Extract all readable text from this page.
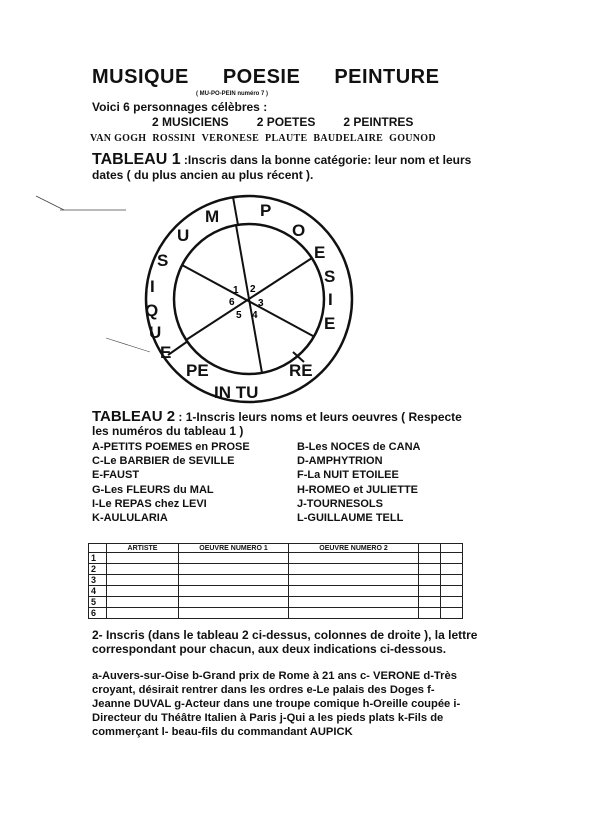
MUSIQUE POESIE PEINTURE
( MU-PO-PEIN numéro 7 )
Voici 6 personnages célèbres :
2 MUSICIENS 2 POETES 2 PEINTRES
VAN GOGH ROSSINI VERONESE PLAUTE BAUDELAIRE GOUNOD
TABLEAU 1 :Inscris dans la bonne catégorie: leur nom et leurs
dates ( du plus ancien au plus récent ).
1 2
3
4
5
6
M
U
S
I
Q
U
E
P
O
E
S
I
E
PE
IN TU
RE
TABLEAU 2 : 1-Inscris leurs noms et leurs oeuvres ( Respecte
les numéros du tableau 1 )
A-PETITS POEMES en PROSE
C-Le BARBIER de SEVILLE
E-FAUST
G-Les FLEURS du MAL
I-Le REPAS chez LEVI
K-AULULARIA
B-Les NOCES de CANA
D-AMPHYTRION
F-La NUIT ETOILEE
H-ROMEO et JULIETTE
J-TOURNESOLS
L-GUILLAUME TELL
	ARTISTE	OEUVRE NUMERO 1	OEUVRE NUMERO 2		
1					
2					
3					
4					
5					
6					
2- Inscris (dans le tableau 2 ci-dessus, colonnes de droite ), la lettre
correspondant pour chacun, aux deux indications ci-dessous.
a-Auvers-sur-Oise b-Grand prix de Rome à 21 ans c- VERONE d-Très
croyant, désirait rentrer dans les ordres e-Le palais des Doges f-
Jeanne DUVAL g-Acteur dans une troupe comique h-Oreille coupée i-
Directeur du Théâtre Italien à Paris j-Qui a les pieds plats k-Fils de
commerçant l- beau-fils du commandant AUPICK
